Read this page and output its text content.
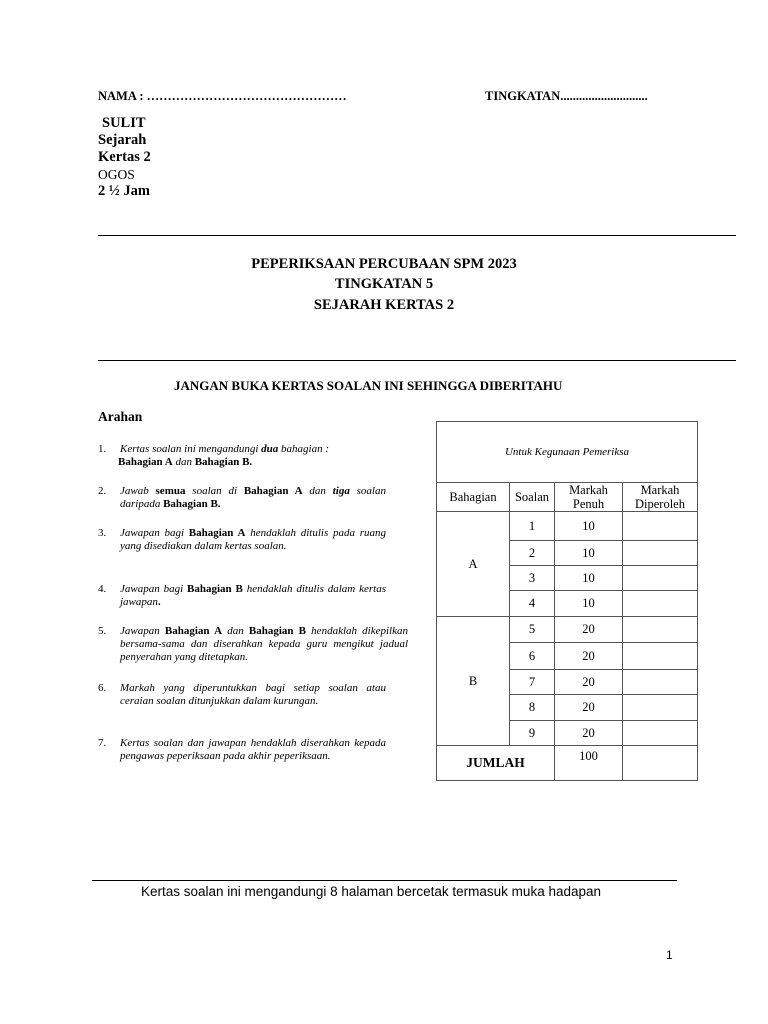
NAMA : …………………………………………	TINGKATAN............................
SULIT
Sejarah
Kertas 2
OGOS
2 ½ Jam
PEPERIKSAAN PERCUBAAN SPM 2023
TINGKATAN 5
SEJARAH KERTAS 2
JANGAN BUKA KERTAS SOALAN INI SEHINGGA DIBERITAHU
Arahan
1. Kertas soalan ini mengandungi dua bahagian :
Bahagian A dan Bahagian B.
2. Jawab semua soalan di Bahagian A dan tiga soalan daripada Bahagian B.
3. Jawapan bagi Bahagian A hendaklah ditulis pada ruang yang disediakan dalam kertas soalan.
4. Jawapan bagi Bahagian B hendaklah ditulis dalam kertas jawapan.
5. Jawapan Bahagian A dan Bahagian B hendaklah dikepilkan bersama-sama dan diserahkan kepada guru mengikut jadual penyerahan yang ditetapkan.
6. Markah yang diperuntukkan bagi setiap soalan atau ceraian soalan ditunjukkan dalam kurungan.
7. Kertas soalan dan jawapan hendaklah diserahkan kepada pengawas peperiksaan pada akhir peperiksaan.
Untuk Kegunaan Pemeriksa			
Bahagian	Soalan	Markah Penuh	Markah Diperoleh
A	1	10	
	2	10	
	3	10	
	4	10	
B	5	20	
	6	20	
	7	20	
	8	20	
	9	20	
JUMLAH		100	
Kertas soalan ini mengandungi 8 halaman bercetak termasuk muka hadapan
1
